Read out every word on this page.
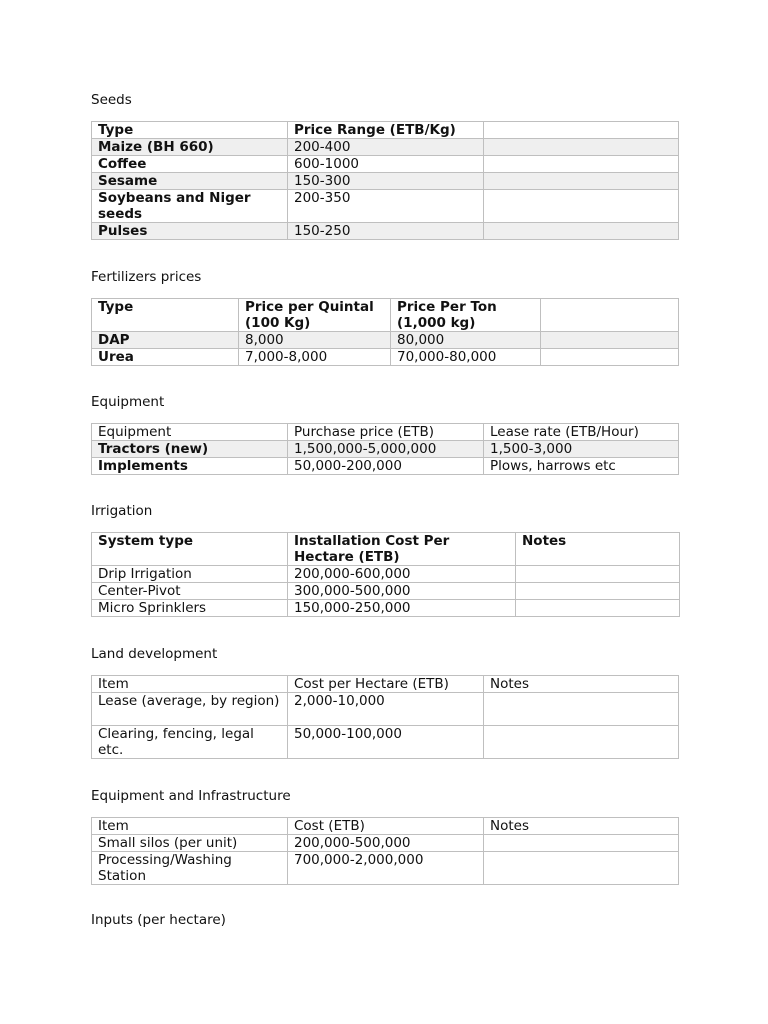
Seeds
Type	Price Range (ETB/Kg)	
Maize (BH 660)	200-400	
Coffee	600-1000	
Sesame	150-300	
Soybeans and Niger seeds	200-350	
Pulses	150-250	
Fertilizers prices
Type	Price per Quintal (100 Kg)	Price Per Ton (1,000 kg)	
DAP	8,000	80,000	
Urea	7,000-8,000	70,000-80,000	
Equipment
Equipment	Purchase price (ETB)	Lease rate (ETB/Hour)
Tractors (new)	1,500,000-5,000,000	1,500-3,000
Implements	50,000-200,000	Plows, harrows etc
Irrigation
System type	Installation Cost Per Hectare (ETB)	Notes
Drip Irrigation	200,000-600,000	
Center-Pivot	300,000-500,000	
Micro Sprinklers	150,000-250,000	
Land development
Item	Cost per Hectare (ETB)	Notes
Lease (average, by region)	2,000-10,000	
Clearing, fencing, legal etc.	50,000-100,000	
Equipment and Infrastructure
Item	Cost (ETB)	Notes
Small silos (per unit)	200,000-500,000	
Processing/Washing Station	700,000-2,000,000	
Inputs (per hectare)
